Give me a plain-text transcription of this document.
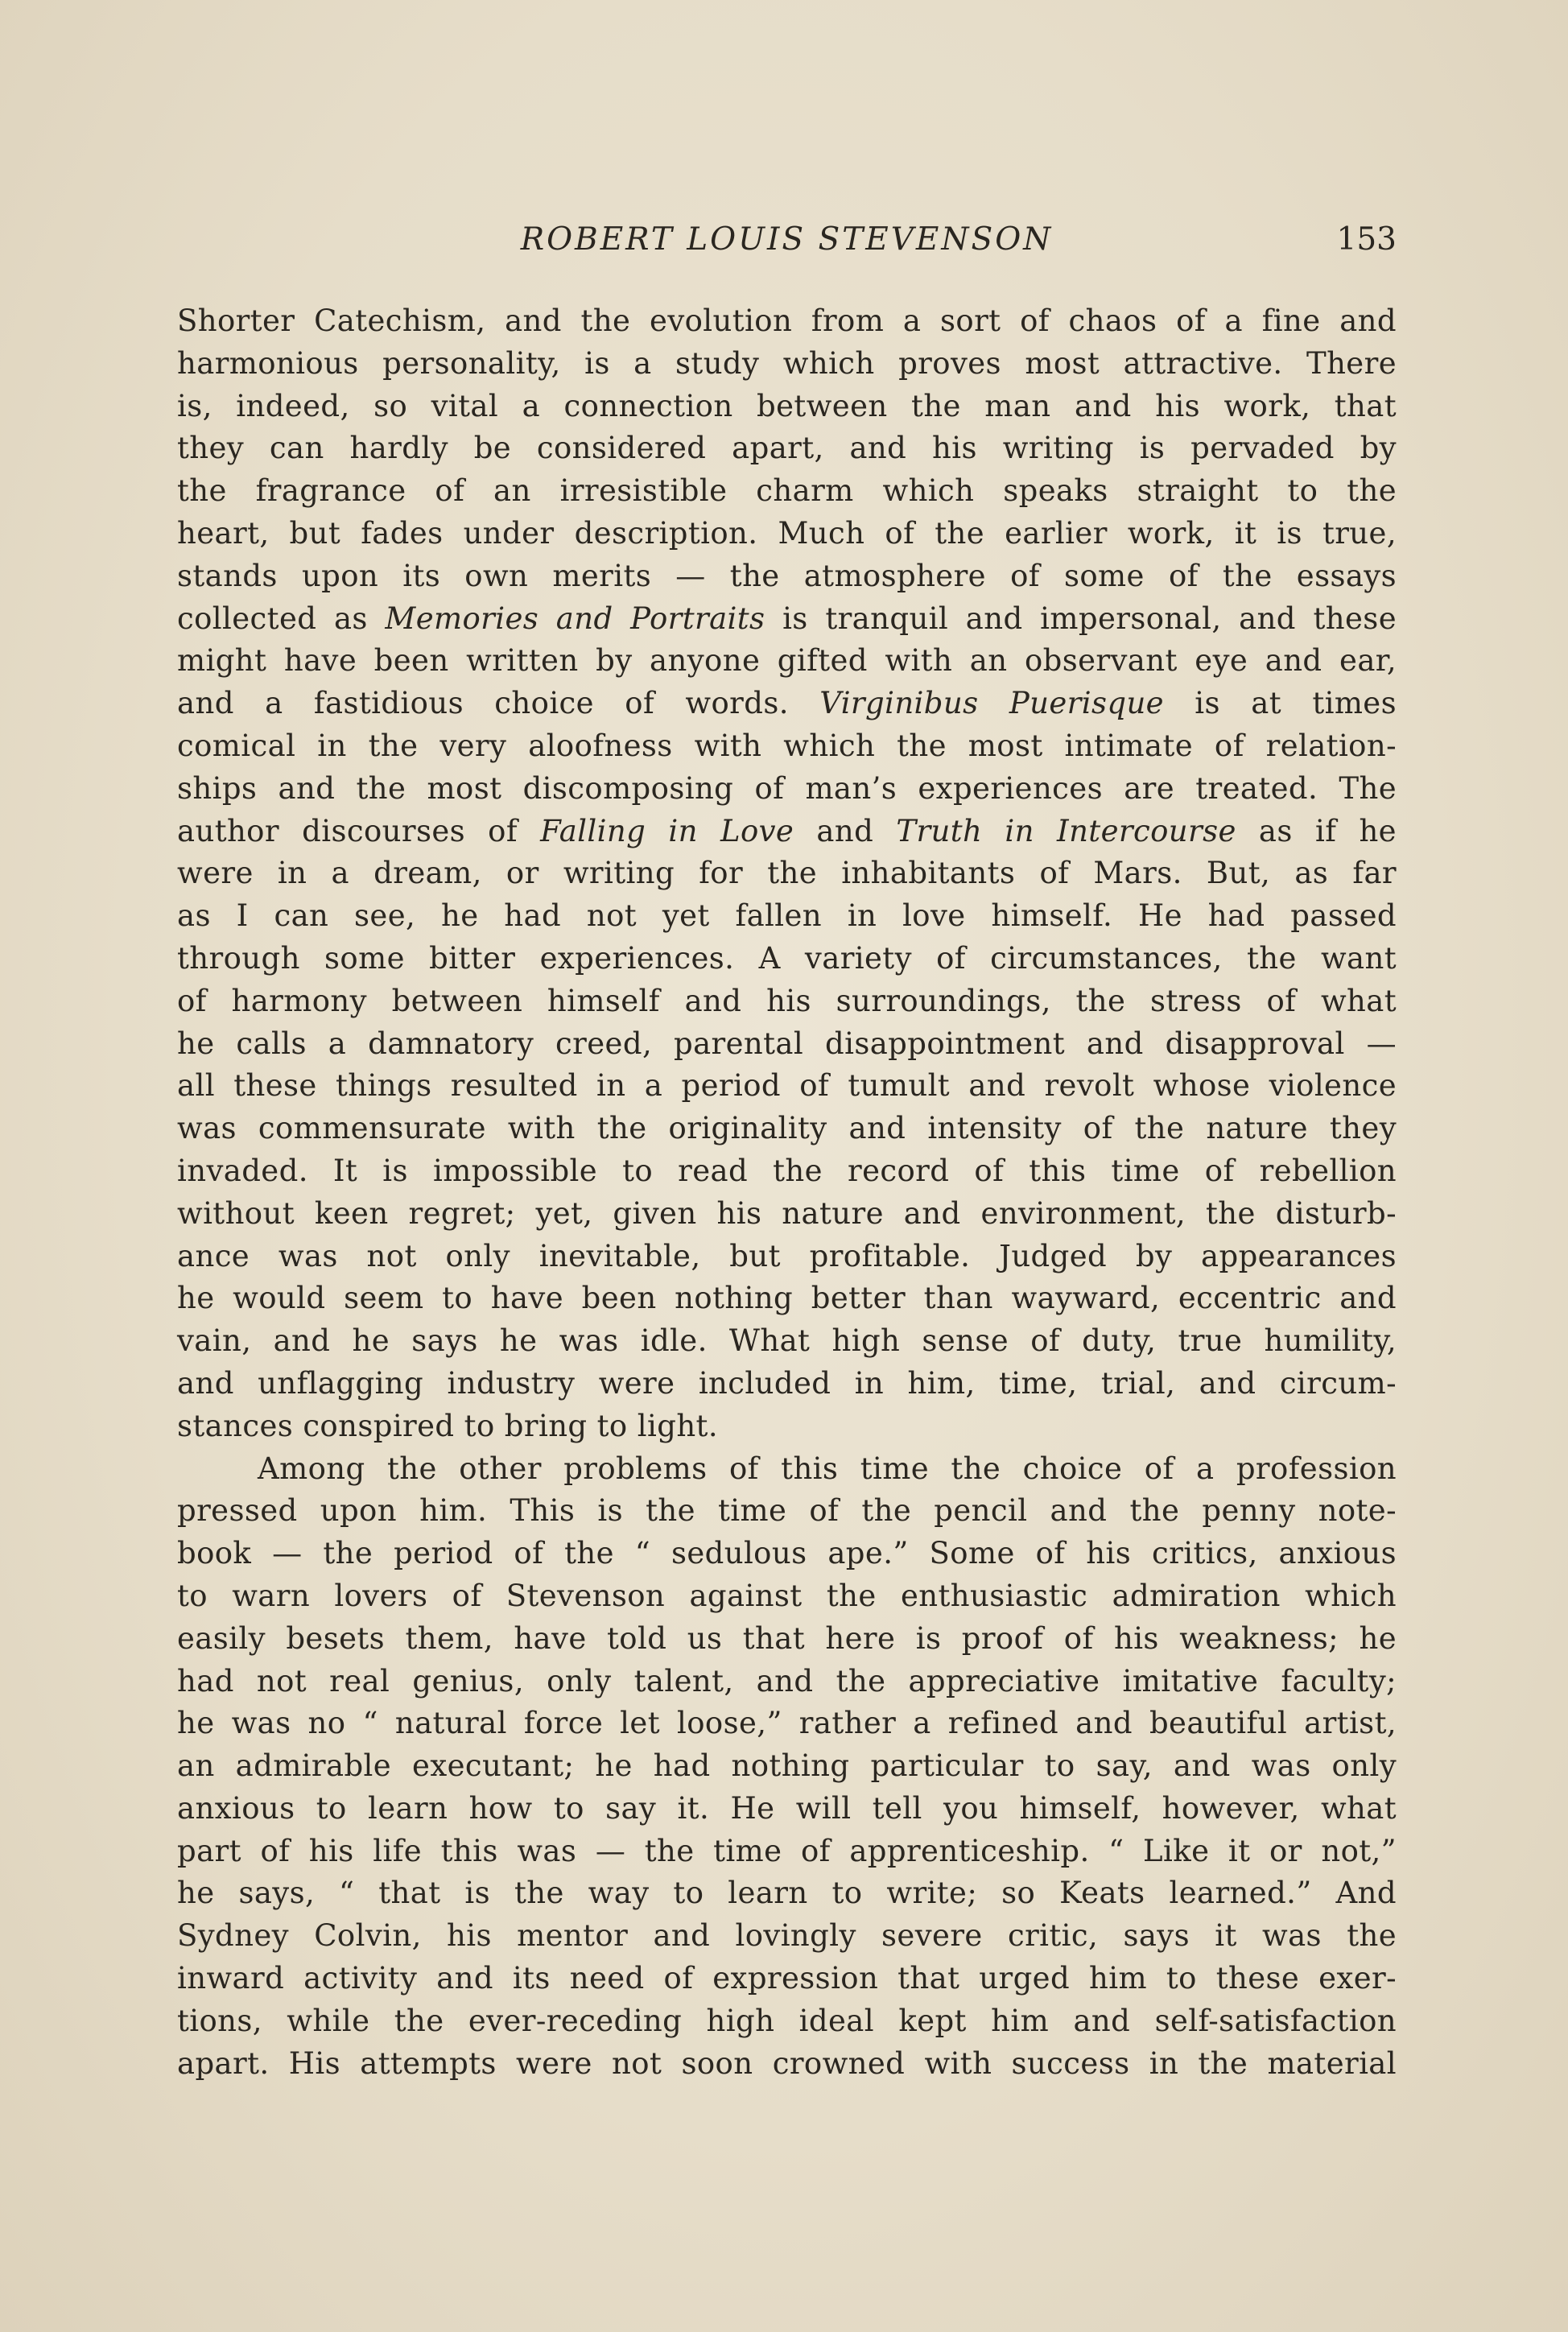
ROBERT LOUIS STEVENSON	153
Shorter Catechism, and the evolution from a sort of chaos of a fine and
harmonious personality, is a study which proves most attractive. There
is, indeed, so vital a connection between the man and his work, that
they can hardly be considered apart, and his writing is pervaded by
the fragrance of an irresistible charm which speaks straight to the
heart, but fades under description. Much of the earlier work, it is true,
stands upon its own merits — the atmosphere of some of the essays
collected as Memories and Portraits is tranquil and impersonal, and these
might have been written by anyone gifted with an observant eye and ear,
and a fastidious choice of words. Virginibus Puerisque is at times
comical in the very aloofness with which the most intimate of relation-
ships and the most discomposing of man’s experiences are treated. The
author discourses of Falling in Love and Truth in Intercourse as if he
were in a dream, or writing for the inhabitants of Mars. But, as far
as I can see, he had not yet fallen in love himself. He had passed
through some bitter experiences. A variety of circumstances, the want
of harmony between himself and his surroundings, the stress of what
he calls a damnatory creed, parental disappointment and disapproval —
all these things resulted in a period of tumult and revolt whose violence
was commensurate with the originality and intensity of the nature they
invaded. It is impossible to read the record of this time of rebellion
without keen regret; yet, given his nature and environment, the disturb-
ance was not only inevitable, but profitable. Judged by appearances
he would seem to have been nothing better than wayward, eccentric and
vain, and he says he was idle. What high sense of duty, true humility,
and unflagging industry were included in him, time, trial, and circum-
stances conspired to bring to light.
Among the other problems of this time the choice of a profession
pressed upon him. This is the time of the pencil and the penny note-
book — the period of the “ sedulous ape.” Some of his critics, anxious
to warn lovers of Stevenson against the enthusiastic admiration which
easily besets them, have told us that here is proof of his weakness; he
had not real genius, only talent, and the appreciative imitative faculty;
he was no “ natural force let loose,” rather a refined and beautiful artist,
an admirable executant; he had nothing particular to say, and was only
anxious to learn how to say it. He will tell you himself, however, what
part of his life this was — the time of apprenticeship. “ Like it or not,”
he says, “ that is the way to learn to write; so Keats learned.” And
Sydney Colvin, his mentor and lovingly severe critic, says it was the
inward activity and its need of expression that urged him to these exer-
tions, while the ever-receding high ideal kept him and self-satisfaction
apart. His attempts were not soon crowned with success in the material
